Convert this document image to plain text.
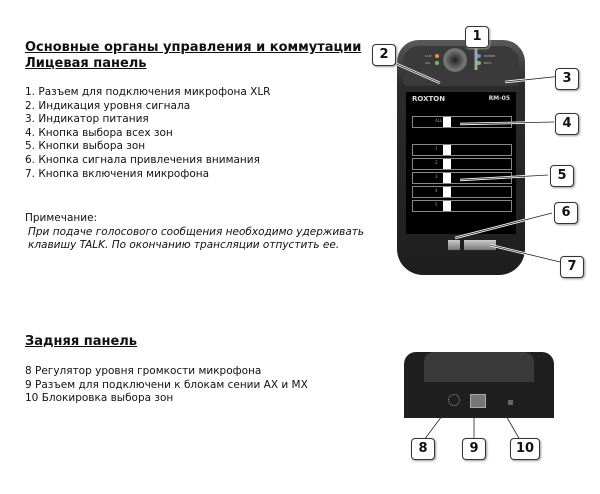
Основные органы управления и коммутации
Лицевая панель
1. Разъем для подключения микрофона XLR
2. Индикация уровня сигнала
3. Индикатор питания
4. Кнопка выбора всех зон
5. Кнопки выбора зон
6. Кнопка сигнала привлечения внимания
7. Кнопка включения микрофона
Примечание:
При подаче голосового сообщения необходимо удерживать
клавишу TALK. По окончанию трансляции отпустить ее.
Задняя панель
8 Регулятор уровня громкости микрофона
9 Разъем для подключени к блокам сении АХ и МХ
10 Блокировка выбора зон
CLIP
SIG
POWER
BUSY
ROXTON	RM-05
ALL
1
2
3
4
5
1
2
3
4
5
6
7
8	9	10
